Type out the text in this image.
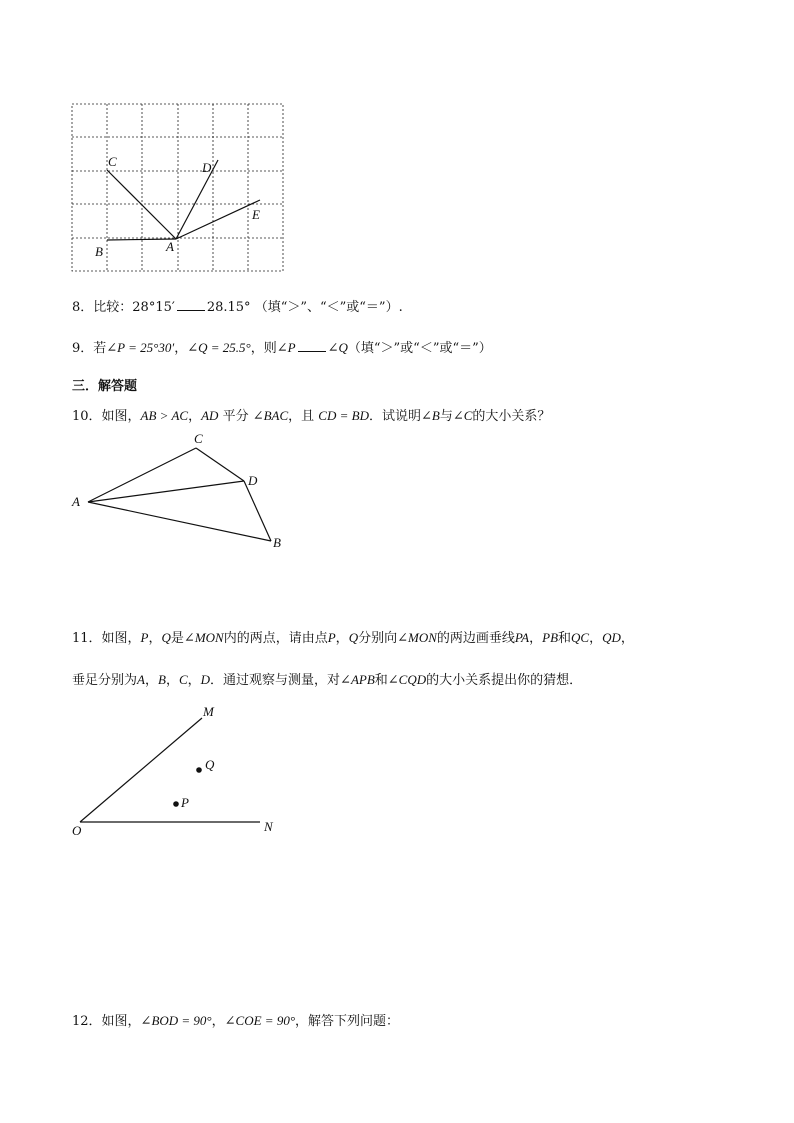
C	D
E
B	A
8．比较：28°15′ 28.15° （填“＞”、“＜”或“＝”）.
9．若∠P = 25°30′，∠Q = 25.5°，则∠P ∠Q（填“＞”或“＜”或“＝”）
三．解答题
10．如图，AB > AC，AD 平分 ∠BAC，且 CD = BD．试说明∠B与∠C的大小关系？
A
C
D
B
11．如图，P，Q是∠MON内的两点，请由点P，Q分别向∠MON的两边画垂线PA，PB和QC，QD，
垂足分别为A，B，C，D．通过观察与测量，对∠APB和∠CQD的大小关系提出你的猜想．
M
Q
P
O	N
12．如图，∠BOD = 90°，∠COE = 90°，解答下列问题：
